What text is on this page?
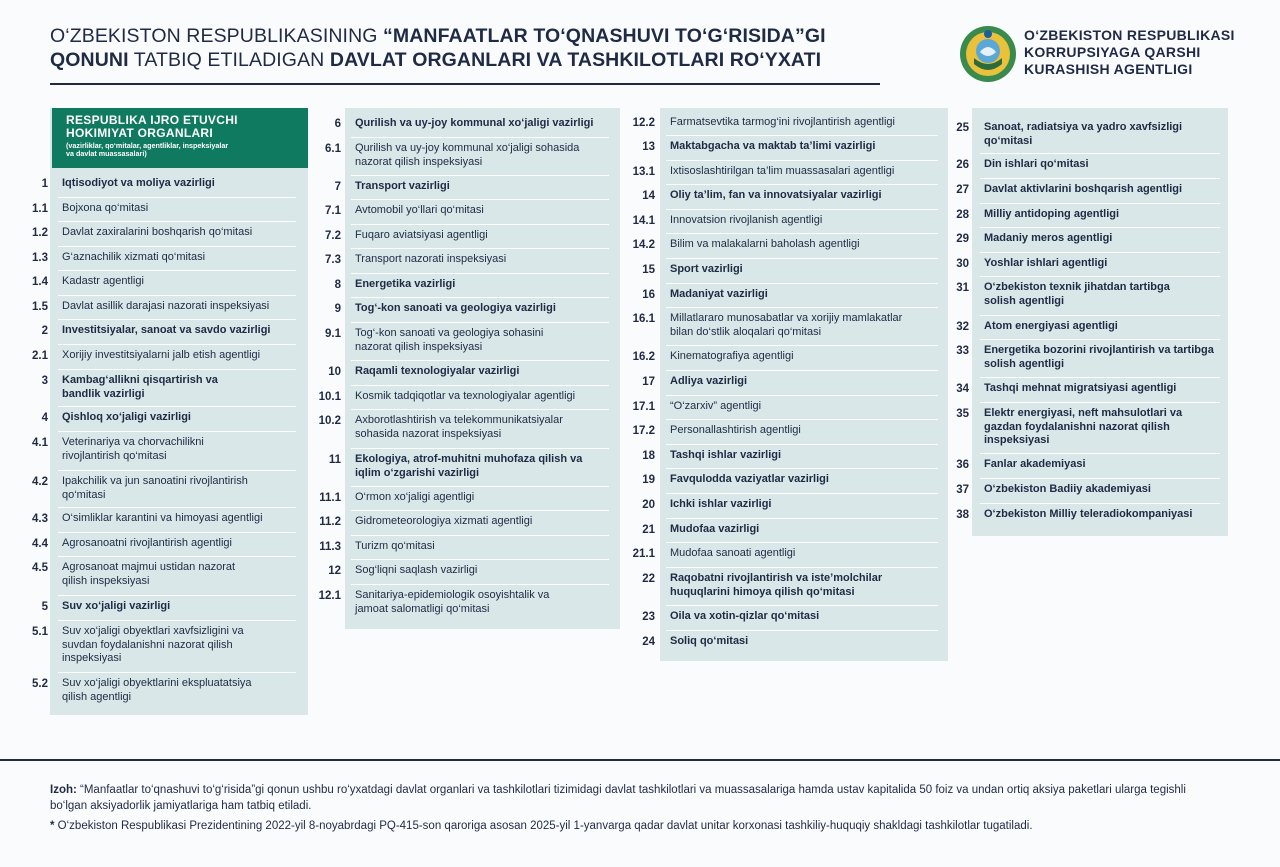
O‘ZBEKISTON RESPUBLIKASINING “MANFAATLAR TO‘QNASHUVI TO‘G‘RISIDA”GI
QONUNI TATBIQ ETILADIGAN DAVLAT ORGANLARI VA TASHKILOTLARI RO‘YXATI
O‘ZBEKISTON RESPUBLIKASI
KORRUPSIYAGA QARSHI
KURASHISH AGENTLIGI
RESPUBLIKA IJRO ETUVCHI
HOKIMIYAT ORGANLARI
(vazirliklar, qo‘mitalar, agentliklar, inspeksiyalar
va davlat muassasalari)
1 Iqtisodiyot va moliya vazirligi
1.1 Bojxona qo‘mitasi
1.2 Davlat zaxiralarini boshqarish qo‘mitasi
1.3 G‘aznachilik xizmati qo‘mitasi
1.4 Kadastr agentligi
1.5 Davlat asillik darajasi nazorati inspeksiyasi
2 Investitsiyalar, sanoat va savdo vazirligi
2.1 Xorijiy investitsiyalarni jalb etish agentligi
3 Kambag‘allikni qisqartirish va
bandlik vazirligi
4 Qishloq xo‘jaligi vazirligi
4.1 Veterinariya va chorvachilikni
rivojlantirish qo‘mitasi
4.2 Ipakchilik va jun sanoatini rivojlantirish
qo‘mitasi
4.3 O‘simliklar karantini va himoyasi agentligi
4.4 Agrosanoatni rivojlantirish agentligi
4.5 Agrosanoat majmui ustidan nazorat
qilish inspeksiyasi
5 Suv xo‘jaligi vazirligi
5.1 Suv xo‘jaligi obyektlari xavfsizligini va
suvdan foydalanishni nazorat qilish
inspeksiyasi
5.2 Suv xo‘jaligi obyektlarini ekspluatatsiya
qilish agentligi
6 Qurilish va uy-joy kommunal xo‘jaligi vazirligi
6.1 Qurilish va uy-joy kommunal xo‘jaligi sohasida
nazorat qilish inspeksiyasi
7 Transport vazirligi
7.1 Avtomobil yo‘llari qo‘mitasi
7.2 Fuqaro aviatsiyasi agentligi
7.3 Transport nazorati inspeksiyasi
8 Energetika vazirligi
9 Tog‘-kon sanoati va geologiya vazirligi
9.1 Tog‘-kon sanoati va geologiya sohasini
nazorat qilish inspeksiyasi
10 Raqamli texnologiyalar vazirligi
10.1 Kosmik tadqiqotlar va texnologiyalar agentligi
10.2 Axborotlashtirish va telekommunikatsiyalar
sohasida nazorat inspeksiyasi
11 Ekologiya, atrof-muhitni muhofaza qilish va
iqlim o‘zgarishi vazirligi
11.1 O‘rmon xo‘jaligi agentligi
11.2 Gidrometeorologiya xizmati agentligi
11.3 Turizm qo‘mitasi
12 Sog‘liqni saqlash vazirligi
12.1 Sanitariya-epidemiologik osoyishtalik va
jamoat salomatligi qo‘mitasi
12.2 Farmatsevtika tarmog‘ini rivojlantirish agentligi
13 Maktabgacha va maktab ta’limi vazirligi
13.1 Ixtisoslashtirilgan ta’lim muassasalari agentligi
14 Oliy ta’lim, fan va innovatsiyalar vazirligi
14.1 Innovatsion rivojlanish agentligi
14.2 Bilim va malakalarni baholash agentligi
15 Sport vazirligi
16 Madaniyat vazirligi
16.1 Millatlararo munosabatlar va xorijiy mamlakatlar
bilan do‘stlik aloqalari qo‘mitasi
16.2 Kinematografiya agentligi
17 Adliya vazirligi
17.1 “O‘zarxiv” agentligi
17.2 Personallashtirish agentligi
18 Tashqi ishlar vazirligi
19 Favqulodda vaziyatlar vazirligi
20 Ichki ishlar vazirligi
21 Mudofaa vazirligi
21.1 Mudofaa sanoati agentligi
22 Raqobatni rivojlantirish va iste’molchilar
huquqlarini himoya qilish qo‘mitasi
23 Oila va xotin-qizlar qo‘mitasi
24 Soliq qo‘mitasi
25 Sanoat, radiatsiya va yadro xavfsizligi
qo‘mitasi
26 Din ishlari qo‘mitasi
27 Davlat aktivlarini boshqarish agentligi
28 Milliy antidoping agentligi
29 Madaniy meros agentligi
30 Yoshlar ishlari agentligi
31 O‘zbekiston texnik jihatdan tartibga
solish agentligi
32 Atom energiyasi agentligi
33 Energetika bozorini rivojlantirish va tartibga
solish agentligi
34 Tashqi mehnat migratsiyasi agentligi
35 Elektr energiyasi, neft mahsulotlari va
gazdan foydalanishni nazorat qilish
inspeksiyasi
36 Fanlar akademiyasi
37 O‘zbekiston Badiiy akademiyasi
38 O‘zbekiston Milliy teleradiokompaniyasi
Izoh: “Manfaatlar to‘qnashuvi to‘g‘risida”gi qonun ushbu ro‘yxatdagi davlat organlari va tashkilotlari tizimidagi davlat tashkilotlari va muassasalariga hamda ustav kapitalida 50 foiz va undan ortiq aksiya paketlari ularga tegishli bo‘lgan aksiyadorlik jamiyatlariga ham tatbiq etiladi.
* O‘zbekiston Respublikasi Prezidentining 2022-yil 8-noyabrdagi PQ-415-son qaroriga asosan 2025-yil 1-yanvarga qadar davlat unitar korxonasi tashkiliy-huquqiy shakldagi tashkilotlar tugatiladi.
